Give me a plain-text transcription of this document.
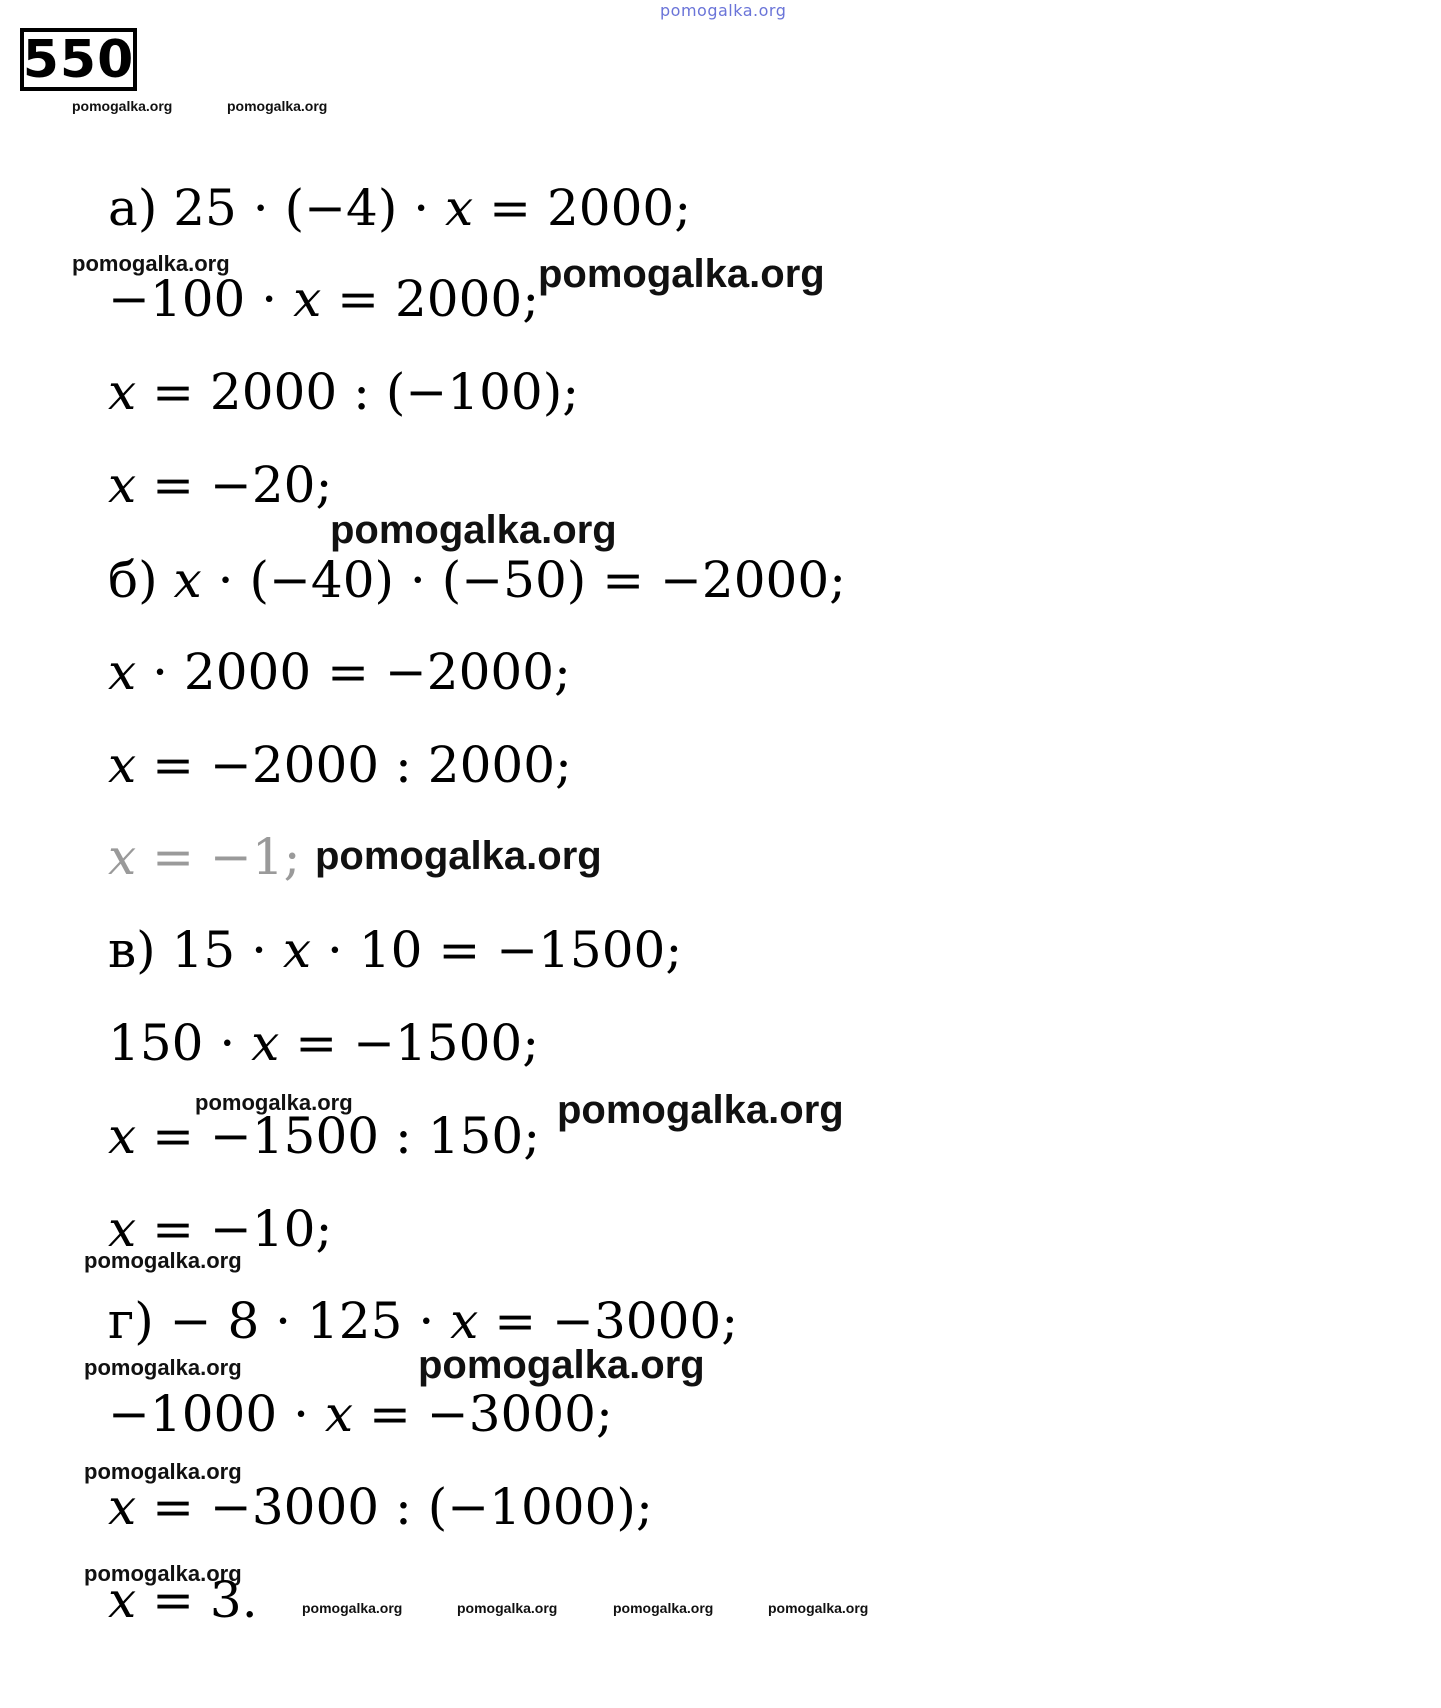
pomogalka.org
550
pomogalka.org	pomogalka.org
а) 25 · (−4) · x = 2000;
pomogalka.org	pomogalka.org
−100 · x = 2000;
x = 2000 : (−100);
x = −20;
pomogalka.org
б) x · (−40) · (−50) = −2000;
x · 2000 = −2000;
x = −2000 : 2000;
x = −1; pomogalka.org
в) 15 · x · 10 = −1500;
150 · x = −1500;
pomogalka.org	pomogalka.org
x = −1500 : 150;
x = −10;
pomogalka.org
г) − 8 · 125 · x = −3000;
pomogalka.org	pomogalka.org
−1000 · x = −3000;
pomogalka.org
x = −3000 : (−1000);
pomogalka.org
x = 3.	pomogalka.org	pomogalka.org	pomogalka.org	pomogalka.org
